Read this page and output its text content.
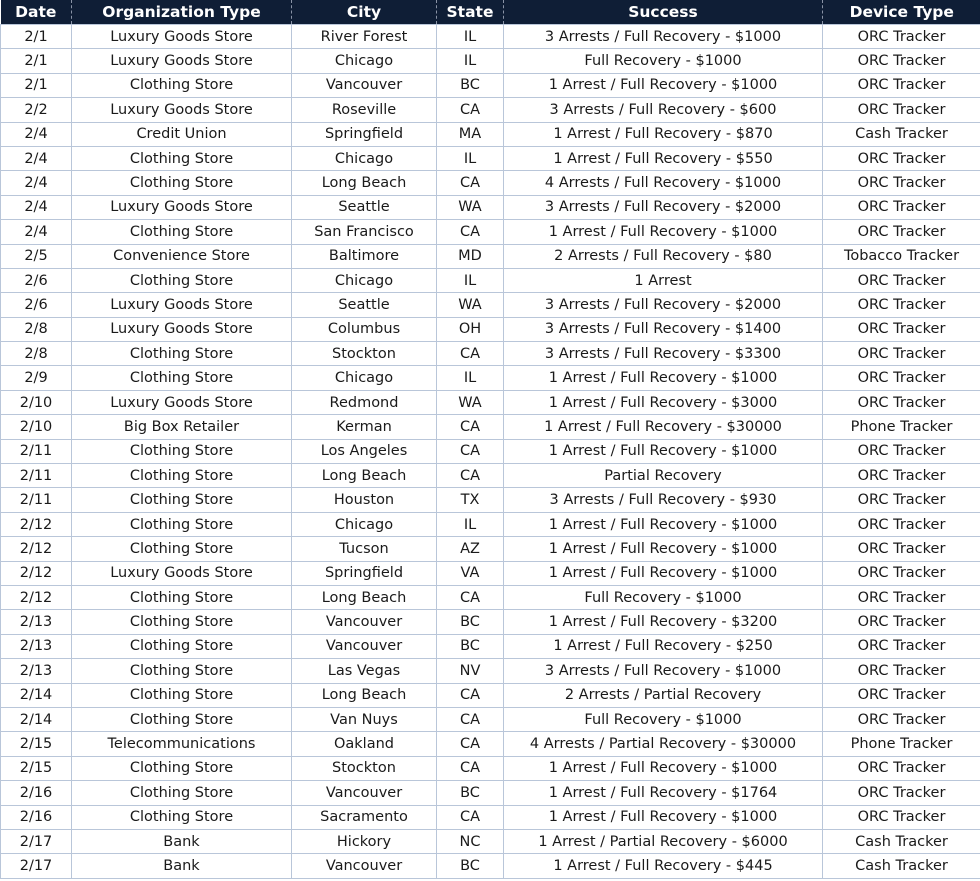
Date	Organization Type	City	State	Success	Device Type
2/1	Luxury Goods Store	River Forest	IL	3 Arrests / Full Recovery - $1000	ORC Tracker
2/1	Luxury Goods Store	Chicago	IL	Full Recovery - $1000	ORC Tracker
2/1	Clothing Store	Vancouver	BC	1 Arrest / Full Recovery - $1000	ORC Tracker
2/2	Luxury Goods Store	Roseville	CA	3 Arrests / Full Recovery - $600	ORC Tracker
2/4	Credit Union	Springfield	MA	1 Arrest / Full Recovery - $870	Cash Tracker
2/4	Clothing Store	Chicago	IL	1 Arrest / Full Recovery - $550	ORC Tracker
2/4	Clothing Store	Long Beach	CA	4 Arrests / Full Recovery - $1000	ORC Tracker
2/4	Luxury Goods Store	Seattle	WA	3 Arrests / Full Recovery - $2000	ORC Tracker
2/4	Clothing Store	San Francisco	CA	1 Arrest / Full Recovery - $1000	ORC Tracker
2/5	Convenience Store	Baltimore	MD	2 Arrests / Full Recovery - $80	Tobacco Tracker
2/6	Clothing Store	Chicago	IL	1 Arrest	ORC Tracker
2/6	Luxury Goods Store	Seattle	WA	3 Arrests / Full Recovery - $2000	ORC Tracker
2/8	Luxury Goods Store	Columbus	OH	3 Arrests / Full Recovery - $1400	ORC Tracker
2/8	Clothing Store	Stockton	CA	3 Arrests / Full Recovery - $3300	ORC Tracker
2/9	Clothing Store	Chicago	IL	1 Arrest / Full Recovery - $1000	ORC Tracker
2/10	Luxury Goods Store	Redmond	WA	1 Arrest / Full Recovery - $3000	ORC Tracker
2/10	Big Box Retailer	Kerman	CA	1 Arrest / Full Recovery - $30000	Phone Tracker
2/11	Clothing Store	Los Angeles	CA	1 Arrest / Full Recovery - $1000	ORC Tracker
2/11	Clothing Store	Long Beach	CA	Partial Recovery	ORC Tracker
2/11	Clothing Store	Houston	TX	3 Arrests / Full Recovery - $930	ORC Tracker
2/12	Clothing Store	Chicago	IL	1 Arrest / Full Recovery - $1000	ORC Tracker
2/12	Clothing Store	Tucson	AZ	1 Arrest / Full Recovery - $1000	ORC Tracker
2/12	Luxury Goods Store	Springfield	VA	1 Arrest / Full Recovery - $1000	ORC Tracker
2/12	Clothing Store	Long Beach	CA	Full Recovery - $1000	ORC Tracker
2/13	Clothing Store	Vancouver	BC	1 Arrest / Full Recovery - $3200	ORC Tracker
2/13	Clothing Store	Vancouver	BC	1 Arrest / Full Recovery - $250	ORC Tracker
2/13	Clothing Store	Las Vegas	NV	3 Arrests / Full Recovery - $1000	ORC Tracker
2/14	Clothing Store	Long Beach	CA	2 Arrests / Partial Recovery	ORC Tracker
2/14	Clothing Store	Van Nuys	CA	Full Recovery - $1000	ORC Tracker
2/15	Telecommunications	Oakland	CA	4 Arrests / Partial Recovery - $30000	Phone Tracker
2/15	Clothing Store	Stockton	CA	1 Arrest / Full Recovery - $1000	ORC Tracker
2/16	Clothing Store	Vancouver	BC	1 Arrest / Full Recovery - $1764	ORC Tracker
2/16	Clothing Store	Sacramento	CA	1 Arrest / Full Recovery - $1000	ORC Tracker
2/17	Bank	Hickory	NC	1 Arrest / Partial Recovery - $6000	Cash Tracker
2/17	Bank	Vancouver	BC	1 Arrest / Full Recovery - $445	Cash Tracker
